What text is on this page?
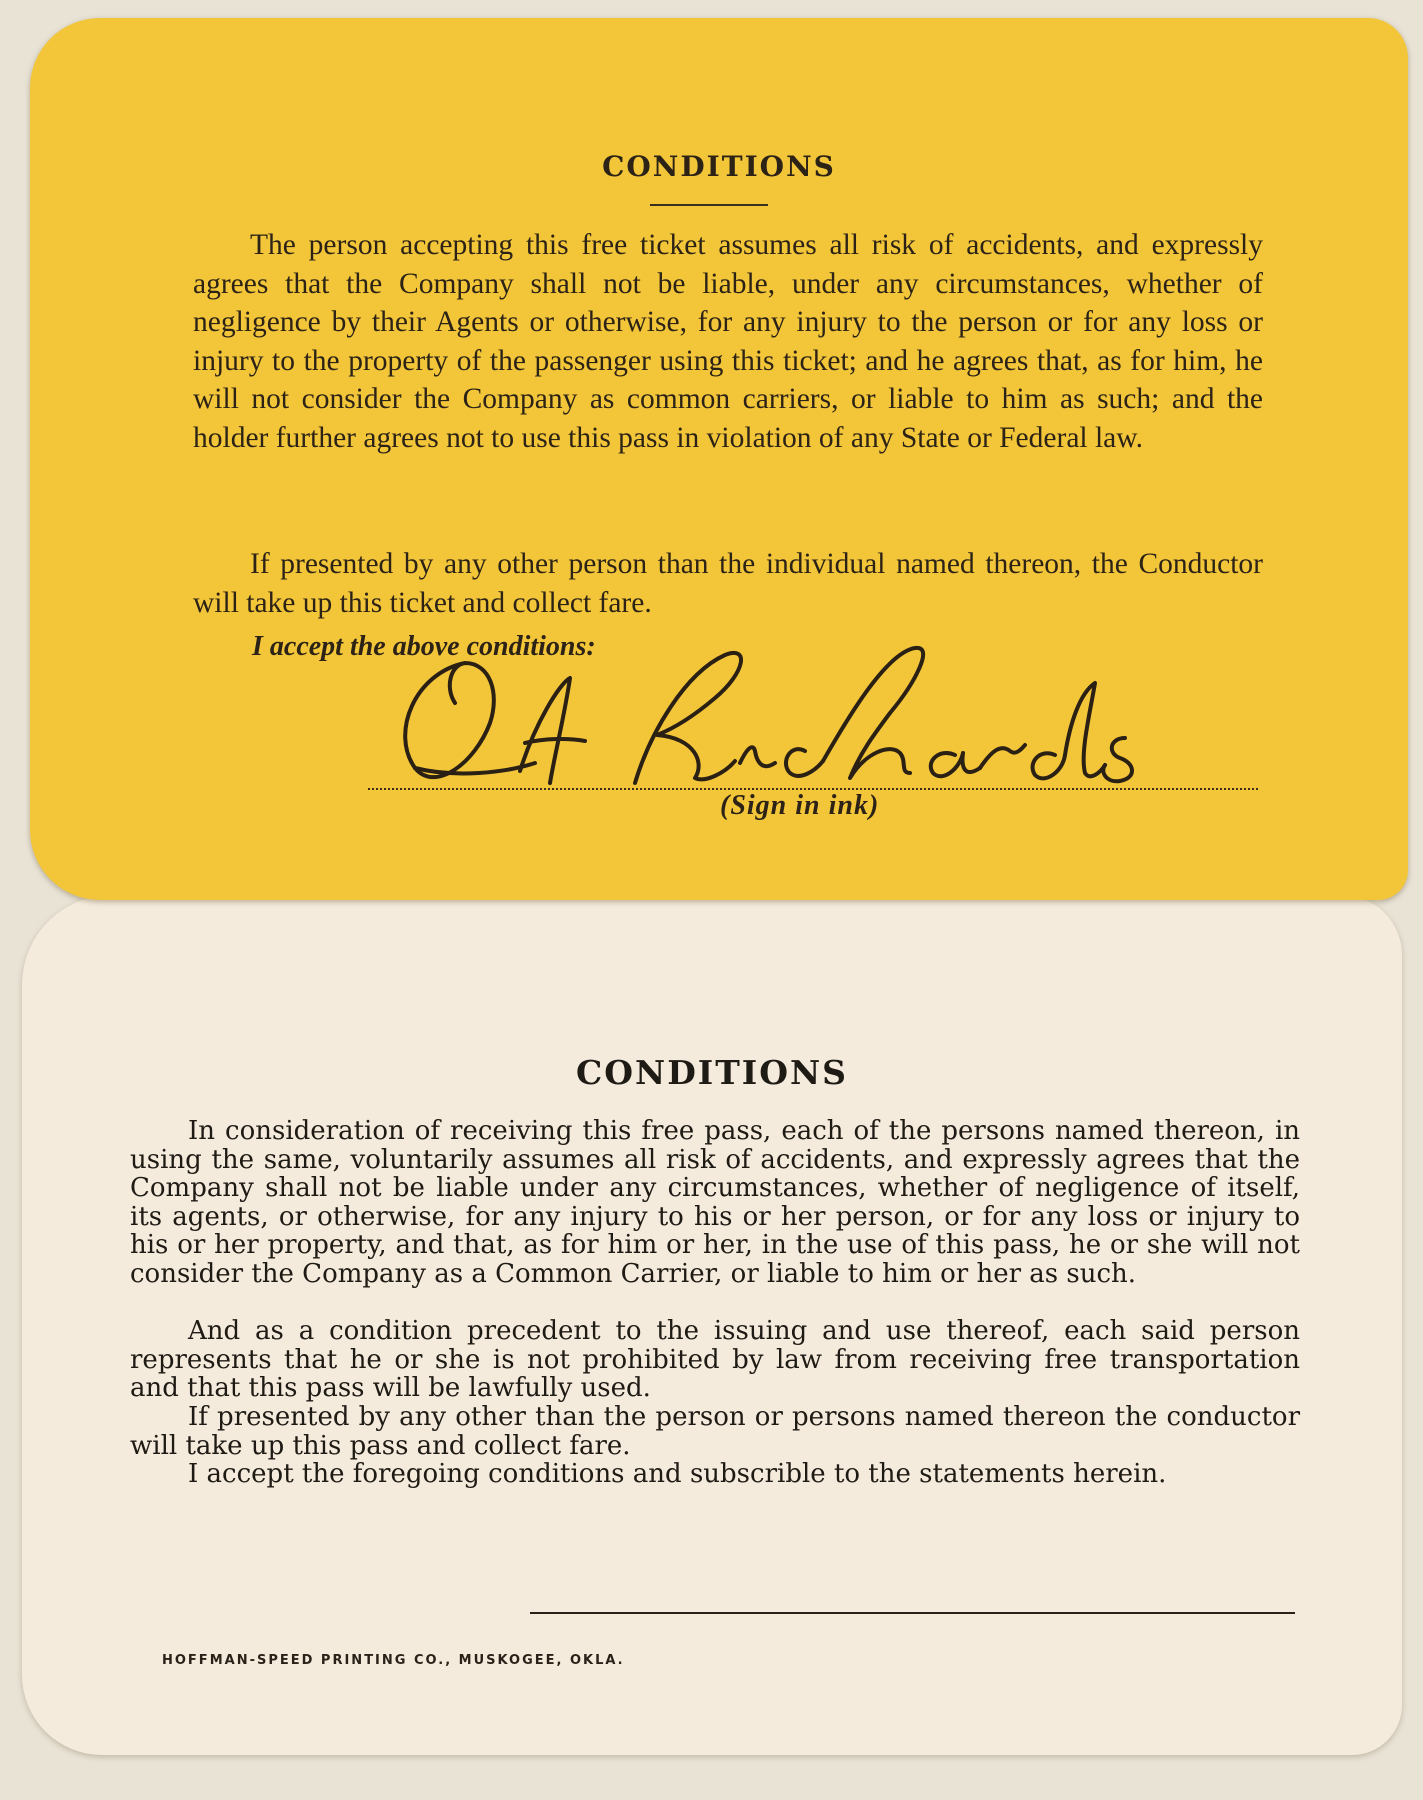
CONDITIONS

The person accepting this free ticket assumes all risk of accidents, and expressly agrees that the Company shall not be liable, under any circumstances, whether of negligence by their Agents or otherwise, for any injury to the person or for any loss or injury to the property of the passenger using this ticket; and he agrees that, as for him, he will not consider the Company as common carriers, or liable to him as such; and the holder further agrees not to use this pass in violation of any State or Federal law.

If presented by any other person than the individual named thereon, the Conductor will take up this ticket and collect fare.

I accept the above conditions:
(Sign in ink)
CONDITIONS

In consideration of receiving this free pass, each of the persons named thereon, in using the same, voluntarily assumes all risk of accidents, and expressly agrees that the Company shall not be liable under any circumstances, whether of negligence of itself, its agents, or otherwise, for any injury to his or her person, or for any loss or injury to his or her property, and that, as for him or her, in the use of this pass, he or she will not consider the Company as a Common Carrier, or liable to him or her as such.

And as a condition precedent to the issuing and use thereof, each said person represents that he or she is not prohibited by law from receiving free transportation and that this pass will be lawfully used.

If presented by any other than the person or persons named thereon the conductor will take up this pass and collect fare.

I accept the foregoing conditions and subscrible to the statements herein.

HOFFMAN-SPEED PRINTING CO., MUSKOGEE, OKLA.
